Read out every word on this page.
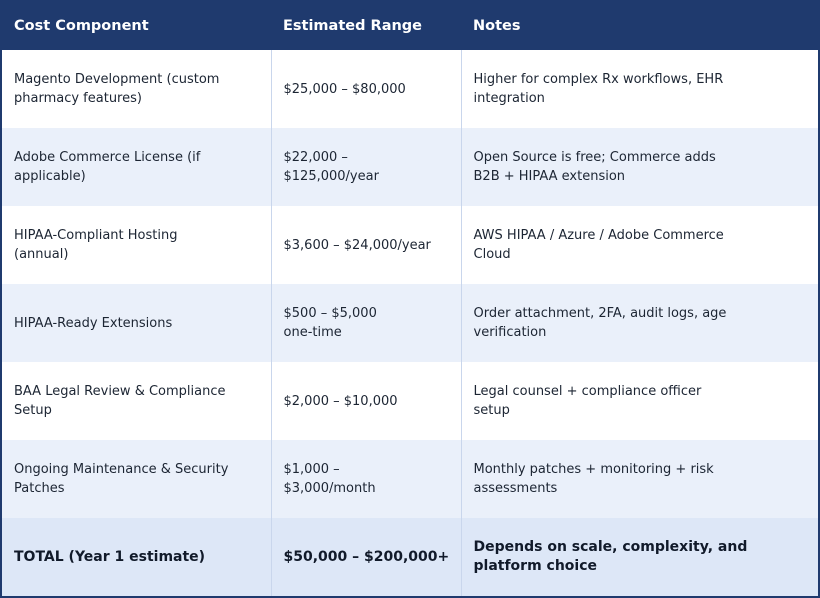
Cost Component	Estimated Range	Notes

Magento Development (custom pharmacy features)	$25,000 – $80,000	Higher for complex Rx workflows, EHR integration

Adobe Commerce License (if applicable)	$22,000 – $125,000/year	Open Source is free; Commerce adds B2B + HIPAA extension

HIPAA-Compliant Hosting (annual)	$3,600 – $24,000/year	AWS HIPAA / Azure / Adobe Commerce Cloud

HIPAA-Ready Extensions	$500 – $5,000 one-time	Order attachment, 2FA, audit logs, age verification

BAA Legal Review & Compliance Setup	$2,000 – $10,000	Legal counsel + compliance officer setup

Ongoing Maintenance & Security Patches	$1,000 – $3,000/month	Monthly patches + monitoring + risk assessments

TOTAL (Year 1 estimate)	$50,000 – $200,000+	Depends on scale, complexity, and platform choice
